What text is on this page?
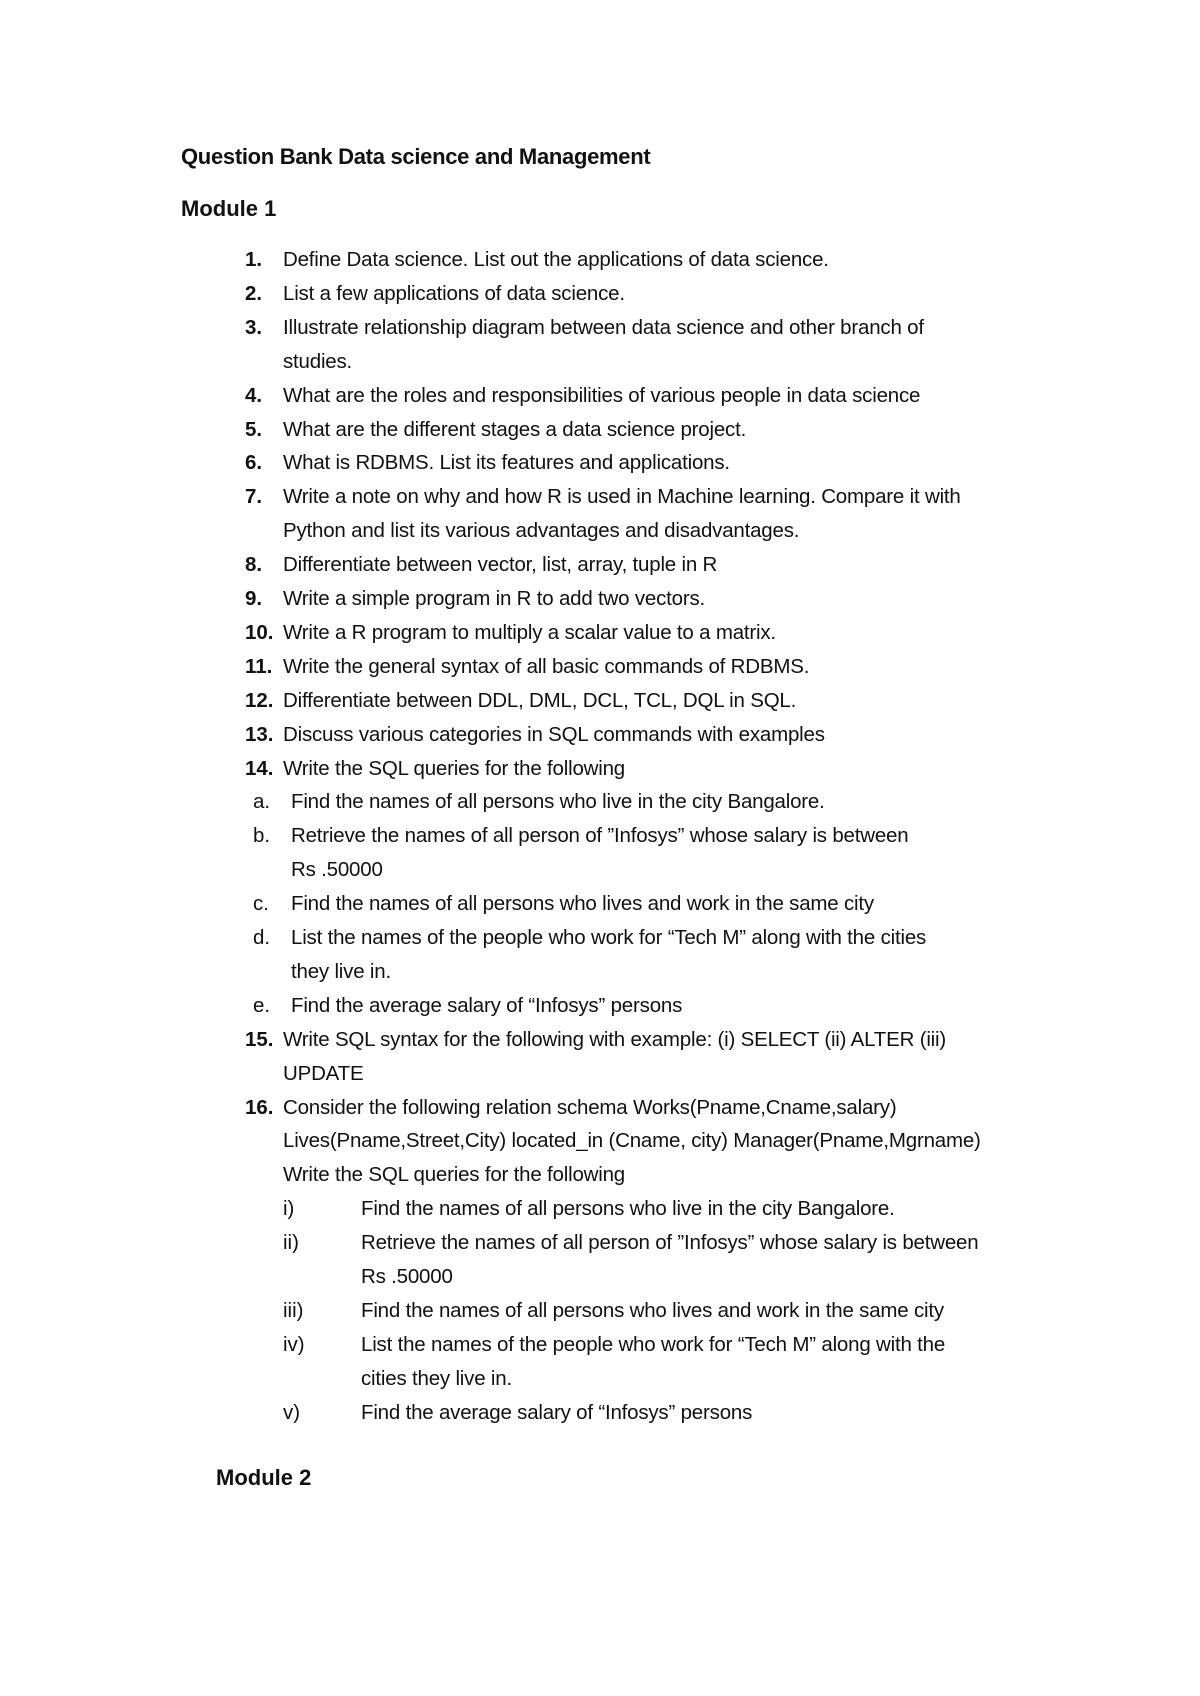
Question Bank Data science and Management
Module 1
1. Define Data science. List out the applications of data science.
2. List a few applications of data science.
3. Illustrate relationship diagram between data science and other branch of
studies.
4. What are the roles and responsibilities of various people in data science
5. What are the different stages a data science project.
6. What is RDBMS. List its features and applications.
7. Write a note on why and how R is used in Machine learning. Compare it with
Python and list its various advantages and disadvantages.
8. Differentiate between vector, list, array, tuple in R
9. Write a simple program in R to add two vectors.
10. Write a R program to multiply a scalar value to a matrix.
11. Write the general syntax of all basic commands of RDBMS.
12. Differentiate between DDL, DML, DCL, TCL, DQL in SQL.
13. Discuss various categories in SQL commands with examples
14. Write the SQL queries for the following
a. Find the names of all persons who live in the city Bangalore.
b. Retrieve the names of all person of ”Infosys” whose salary is between
Rs .50000
c. Find the names of all persons who lives and work in the same city
d. List the names of the people who work for “Tech M” along with the cities
they live in.
e. Find the average salary of “Infosys” persons
15. Write SQL syntax for the following with example: (i) SELECT (ii) ALTER (iii)
UPDATE
16. Consider the following relation schema Works(Pname,Cname,salary)
Lives(Pname,Street,City) located_in (Cname, city) Manager(Pname,Mgrname)
Write the SQL queries for the following
i)	Find the names of all persons who live in the city Bangalore.
ii)	Retrieve the names of all person of ”Infosys” whose salary is between
Rs .50000
iii)	Find the names of all persons who lives and work in the same city
iv)	List the names of the people who work for “Tech M” along with the
cities they live in.
v)	Find the average salary of “Infosys” persons
Module 2
